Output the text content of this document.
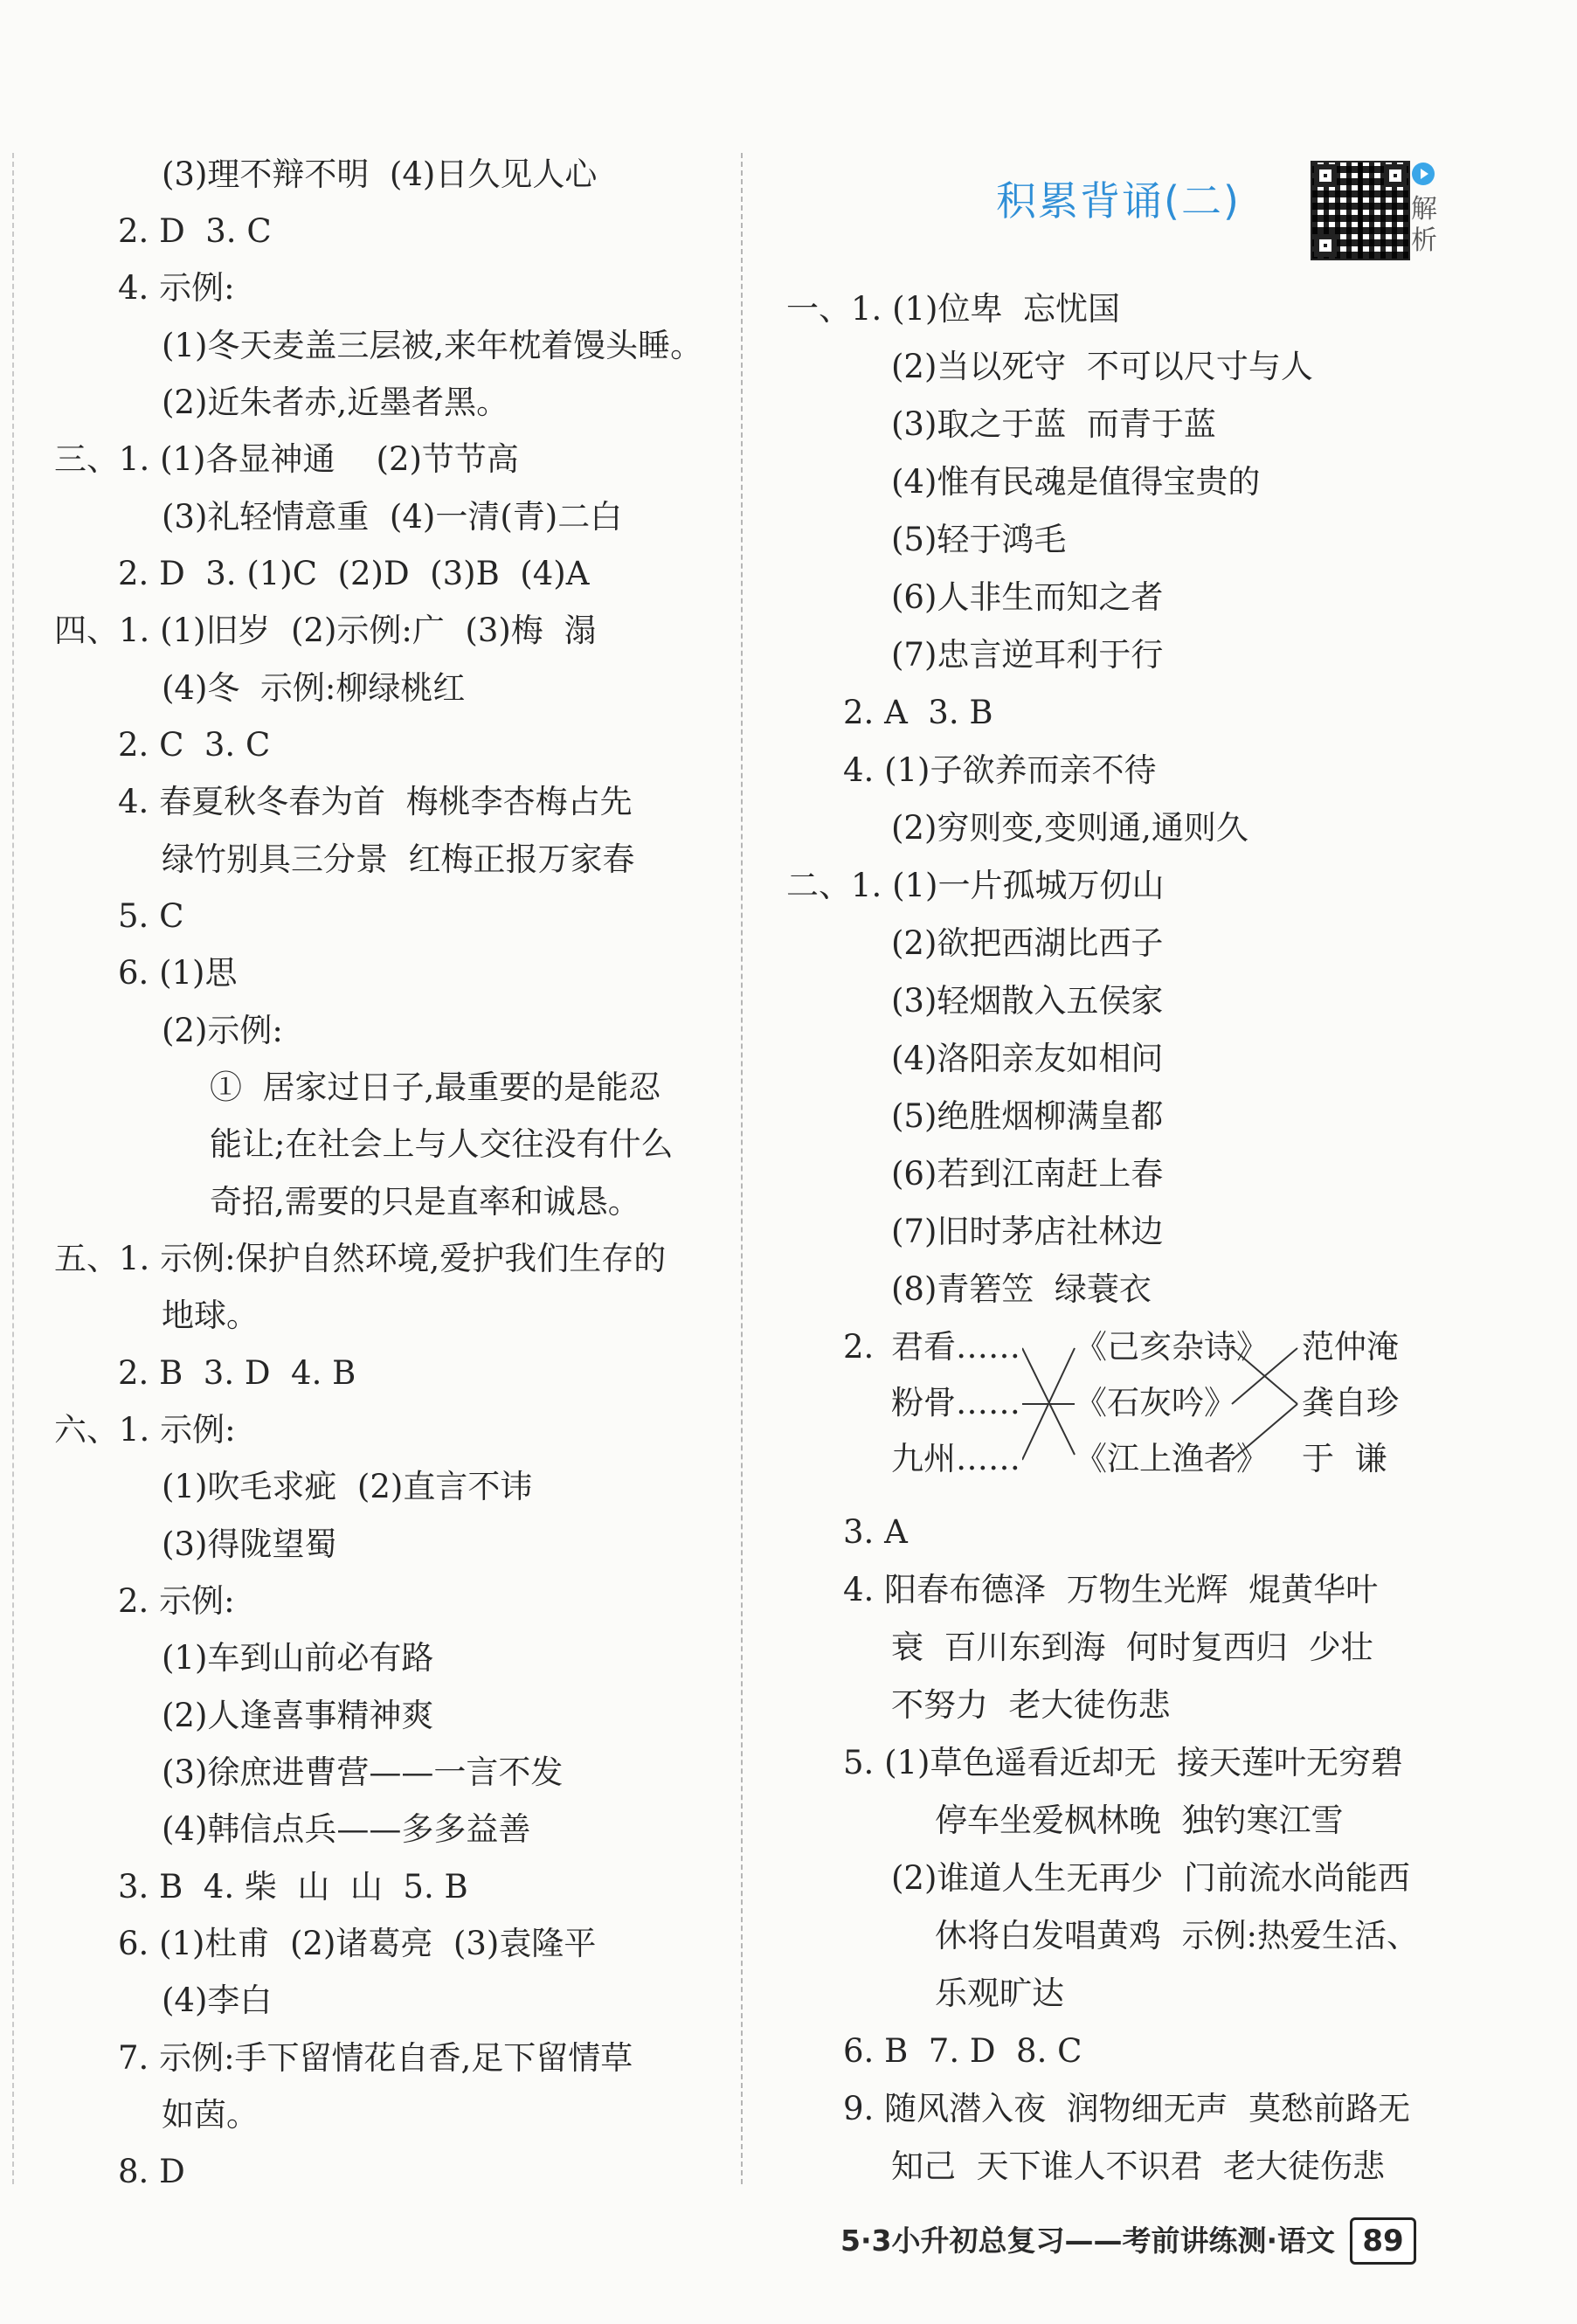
(3)理不辩不明  (4)日久见人心
2. D  3. C
4. 示例:
(1)冬天麦盖三层被,来年枕着馒头睡。
(2)近朱者赤,近墨者黑。
三、1. (1)各显神通    (2)节节高
(3)礼轻情意重  (4)一清(青)二白
2. D  3. (1)C  (2)D  (3)B  (4)A
四、1. (1)旧岁  (2)示例:广  (3)梅  溻
(4)冬  示例:柳绿桃红
2. C  3. C
4. 春夏秋冬春为首  梅桃李杏梅占先
绿竹别具三分景  红梅正报万家春
5. C
6. (1)思
(2)示例:
①  居家过日子,最重要的是能忍
能让;在社会上与人交往没有什么
奇招,需要的只是直率和诚恳。
五、1. 示例:保护自然环境,爱护我们生存的
地球。
2. B  3. D  4. B
六、1. 示例:
(1)吹毛求疵  (2)直言不讳
(3)得陇望蜀
2. 示例:
(1)车到山前必有路
(2)人逢喜事精神爽
(3)徐庶进曹营——一言不发
(4)韩信点兵——多多益善
3. B  4. 柴  山  山  5. B
6. (1)杜甫  (2)诸葛亮  (3)袁隆平
(4)李白
7. 示例:手下留情花自香,足下留情草
如茵。
8. D
积累背诵(二)	解析
一、1. (1)位卑  忘忧国
(2)当以死守  不可以尺寸与人
(3)取之于蓝  而青于蓝
(4)惟有民魂是值得宝贵的
(5)轻于鸿毛
(6)人非生而知之者
(7)忠言逆耳利于行
2. A  3. B
4. (1)子欲养而亲不待
(2)穷则变,变则通,通则久
二、1. (1)一片孤城万仞山
(2)欲把西湖比西子
(3)轻烟散入五侯家
(4)洛阳亲友如相问
(5)绝胜烟柳满皇都
(6)若到江南赶上春
(7)旧时茅店社林边
(8)青箬笠  绿蓑衣
3. A
4. 阳春布德泽  万物生光辉  焜黄华叶
衰  百川东到海  何时复西归  少壮
不努力  老大徒伤悲
5. (1)草色遥看近却无  接天莲叶无穷碧
停车坐爱枫林晚  独钓寒江雪
(2)谁道人生无再少  门前流水尚能西
休将白发唱黄鸡  示例:热爱生活、
乐观旷达
6. B  7. D  8. C
9. 随风潜入夜  润物细无声  莫愁前路无
知己  天下谁人不识君  老大徒伤悲
2. 君看……
粉骨……
九州……
《己亥杂诗》
《石灰吟》
《江上渔者》
范仲淹
龚自珍
于  谦
5·3小升初总复习——考前讲练测·语文 89
